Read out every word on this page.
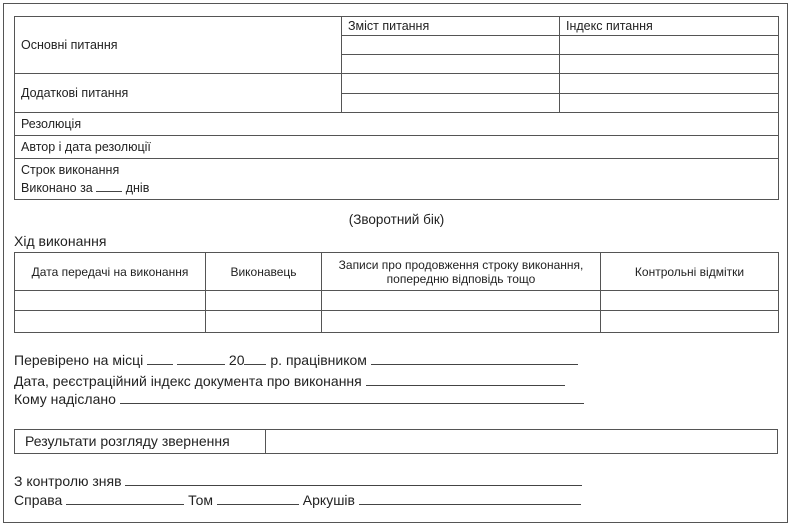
Основні питання	Зміст питання	Індекс питання

Додаткові питання		

Резолюція		
Автор і дата резолюції		

Строк виконання
Виконано за днів		
(Зворотний бік)
Хід виконання
Дата передачі на виконання	Виконавець	Записи про продовження строку виконання, попередню відповідь тощо	Контрольні відмітки

Перевірено на місці	20 р. працівником
Дата, реєстраційний індекс документа про виконання
Кому надіслано
Результати розгляду звернення
З контролю зняв
Справа	Том	Аркушів
